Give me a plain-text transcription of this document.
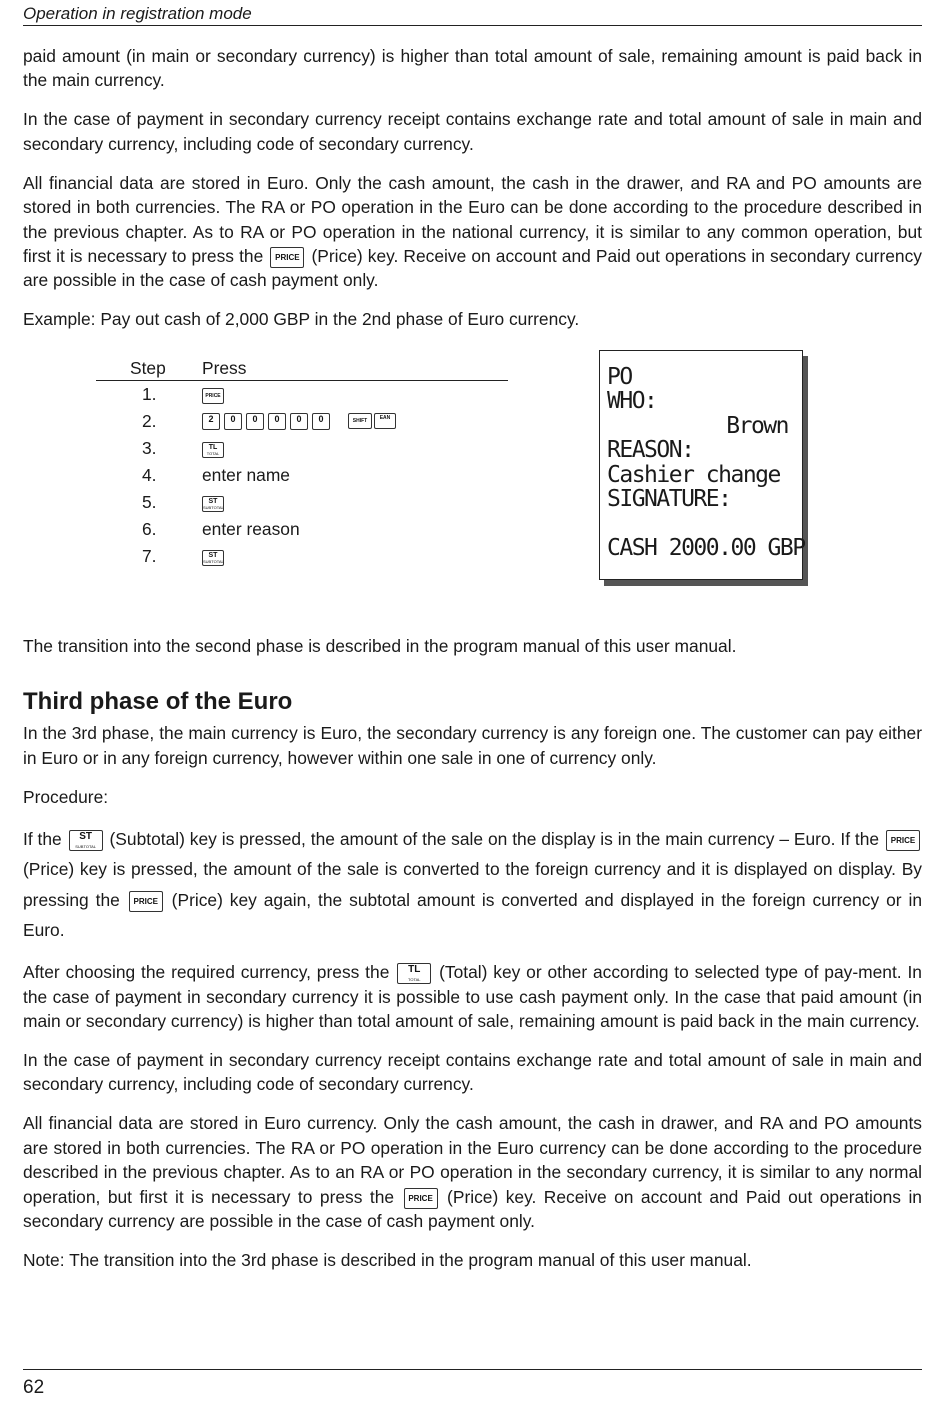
Operation in registration mode

paid amount (in main or secondary currency) is higher than total amount of sale, remaining amount is paid back in the main currency.

In the case of payment in secondary currency receipt contains exchange rate and total amount of sale in main and secondary currency, including code of secondary currency.

All financial data are stored in Euro. Only the cash amount, the cash in the drawer, and RA and PO amounts are stored in both currencies. The RA or PO operation in the Euro can be done according to the procedure described in the previous chapter. As to RA or PO operation in the national currency, it is similar to any common operation, but first it is necessary to press the PRICE (Price) key. Receive on account and Paid out operations in secondary currency are possible in the case of cash payment only.

Example: Pay out cash of 2,000 GBP in the 2nd phase of Euro currency.

Step	Press
1.	PRICE
2.	2	0	0	0	0	0	SHIFT	EAN
3.	TL
TOTAL
4.	enter name
5.	ST
SUBTOTAL
6.	enter reason
7.	ST
SUBTOTAL
PO
WHO:
Brown
REASON:
Cashier change
SIGNATURE:
CASH 2000.00 GBP

The transition into the second phase is described in the program manual of this user manual.

Third phase of the Euro

In the 3rd phase, the main currency is Euro, the secondary currency is any foreign one. The customer can pay either in Euro or in any foreign currency, however within one sale in one of currency only.

Procedure:

If the ST
SUBTOTAL (Subtotal) key is pressed, the amount of the sale on the display is in the main currency – Euro. If the PRICE (Price) key is pressed, the amount of the sale is converted to the foreign currency and it is displayed on display. By pressing the PRICE (Price) key again, the subtotal amount is converted and displayed in the foreign currency or in Euro.

After choosing the required currency, press the TL
TOTAL	(Total) key or other according to selected type of pay-ment. In the case of payment in secondary currency it is possible to use cash payment only. In the case that paid amount (in main or secondary currency) is higher than total amount of sale, remaining amount is paid back in the main currency.

In the case of payment in secondary currency receipt contains exchange rate and total amount of sale in main and secondary currency, including code of secondary currency.

All financial data are stored in Euro currency. Only the cash amount, the cash in drawer, and RA and PO amounts are stored in both currencies. The RA or PO operation in the Euro currency can be done according to the procedure described in the previous chapter. As to an RA or PO operation in the secondary currency, it is similar to any normal operation, but first it is necessary to press the PRICE (Price) key. Receive on account and Paid out operations in secondary currency are possible in the case of cash payment only.

Note: The transition into the 3rd phase is described in the program manual of this user manual.

62
